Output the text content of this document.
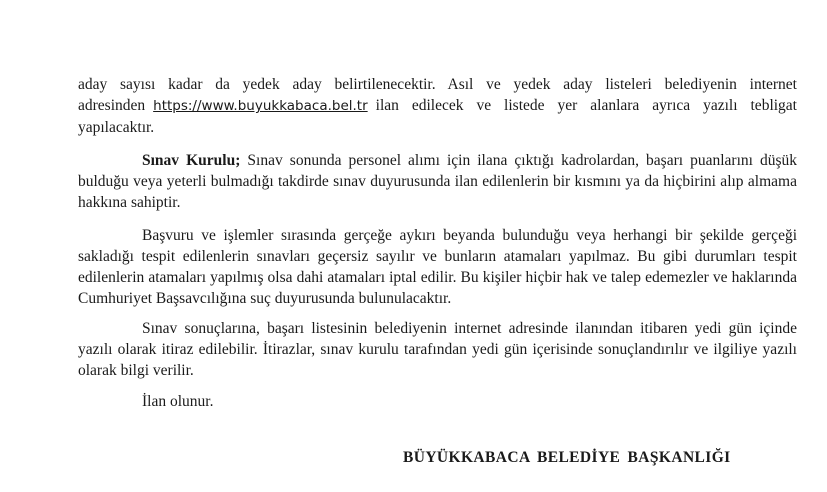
aday sayısı kadar da yedek aday belirtilenecektir. Asıl ve yedek aday listeleri belediyenin internet adresinden https://www.buyukkabaca.bel.tr ilan edilecek ve listede yer alanlara ayrıca yazılı tebligat yapılacaktır.

Sınav Kurulu; Sınav sonunda personel alımı için ilana çıktığı kadrolardan, başarı puanlarını düşük bulduğu veya yeterli bulmadığı takdirde sınav duyurusunda ilan edilenlerin bir kısmını ya da hiçbirini alıp almama hakkına sahiptir.

Başvuru ve işlemler sırasında gerçeğe aykırı beyanda bulunduğu veya herhangi bir şekilde gerçeği sakladığı tespit edilenlerin sınavları geçersiz sayılır ve bunların atamaları yapılmaz. Bu gibi durumları tespit edilenlerin atamaları yapılmış olsa dahi atamaları iptal edilir. Bu kişiler hiçbir hak ve talep edemezler ve haklarında Cumhuriyet Başsavcılığına suç duyurusunda bulunulacaktır.

Sınav sonuçlarına, başarı listesinin belediyenin internet adresinde ilanından itibaren yedi gün içinde yazılı olarak itiraz edilebilir. İtirazlar, sınav kurulu tarafından yedi gün içerisinde sonuçlandırılır ve ilgiliye yazılı olarak bilgi verilir.

İlan olunur.

BÜYÜKKABACA BELEDİYE BAŞKANLIĞI
